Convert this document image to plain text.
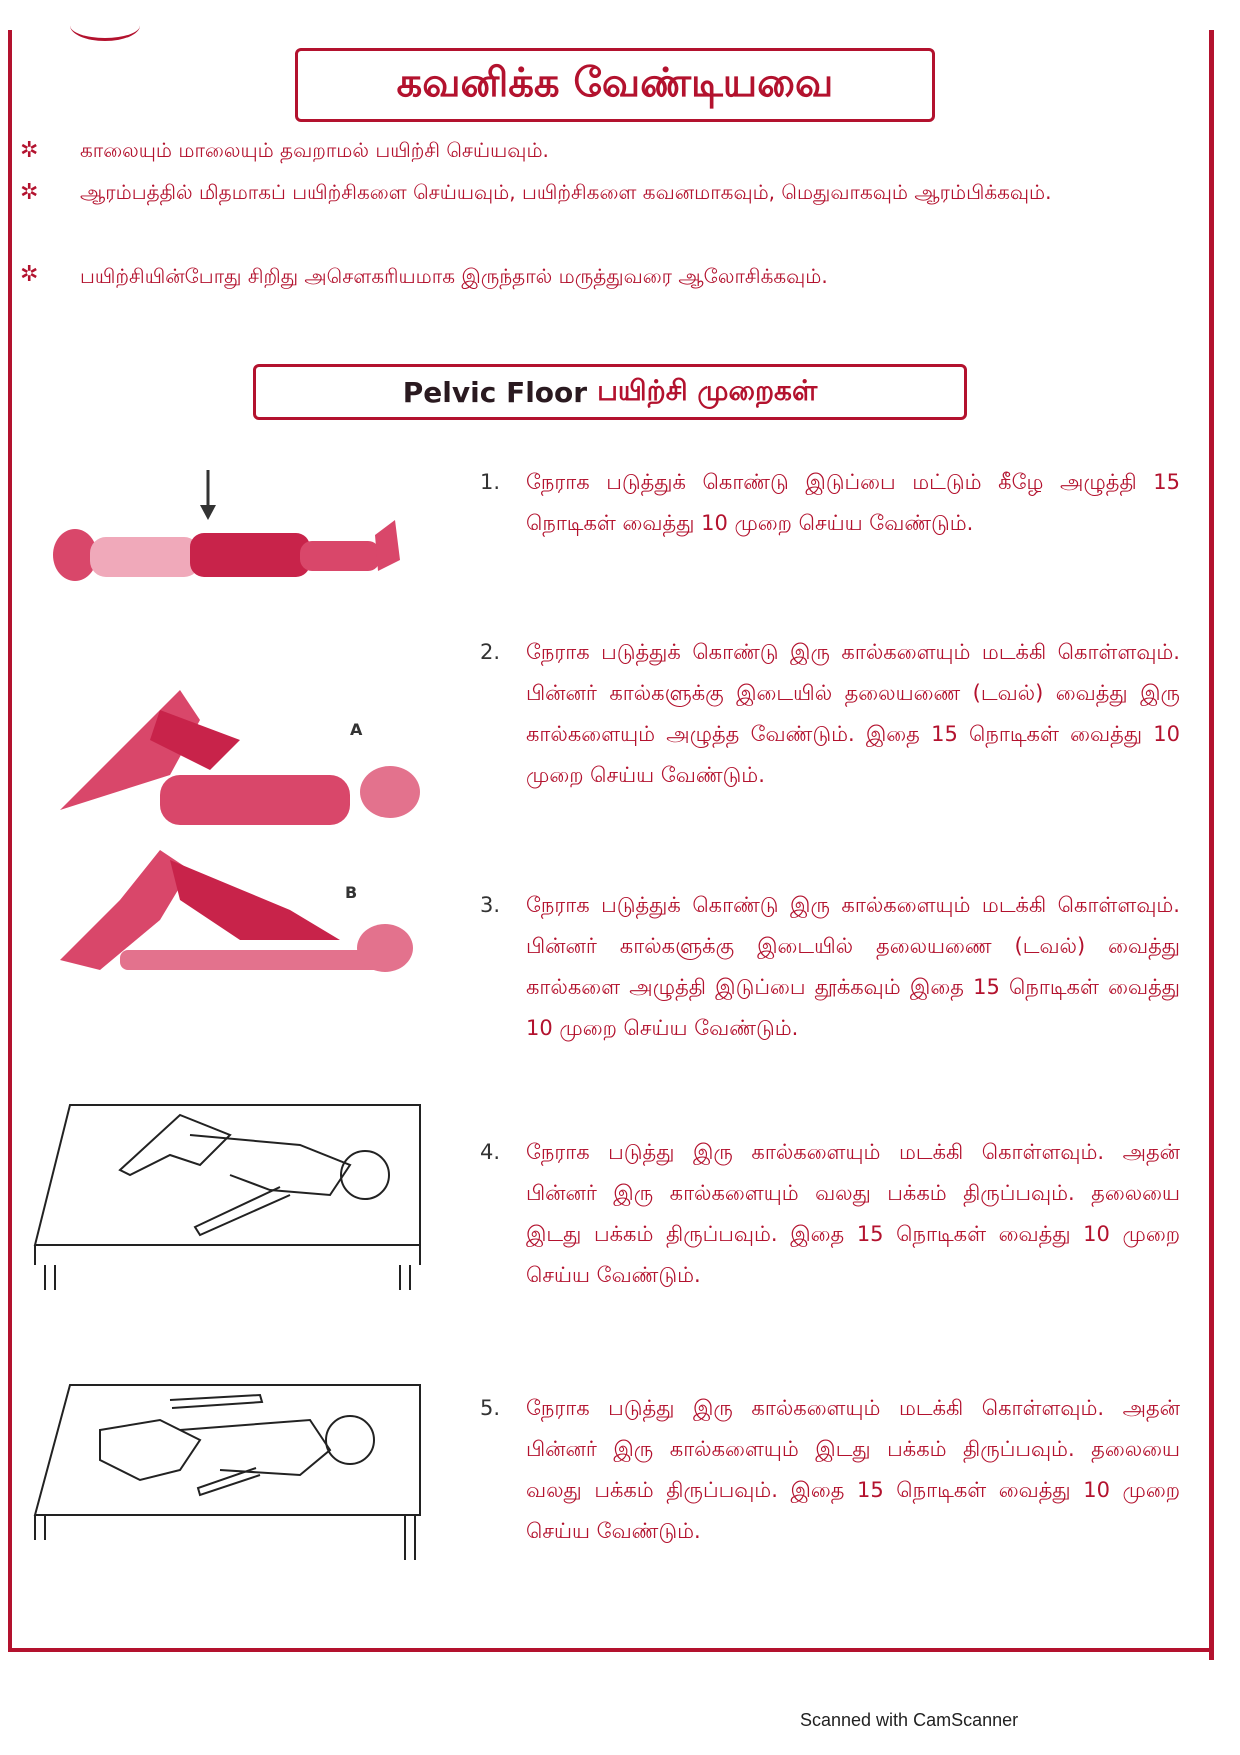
கவனிக்க வேண்டியவை
✲ காலையும் மாலையும் தவறாமல் பயிற்சி செய்யவும்.
✲ ஆரம்பத்தில் மிதமாகப் பயிற்சிகளை செய்யவும், பயிற்சிகளை கவனமாகவும், மெதுவாகவும் ஆரம்பிக்கவும்.
✲ பயிற்சியின்போது சிறிது அசௌகரியமாக இருந்தால் மருத்துவரை ஆலோசிக்கவும்.
Pelvic Floor பயிற்சி முறைகள்
A
B
1. நேராக படுத்துக் கொண்டு இடுப்பை மட்டும் கீழே அழுத்தி 15 நொடிகள் வைத்து 10 முறை செய்ய வேண்டும்.
2. நேராக படுத்துக் கொண்டு இரு கால்களையும் மடக்கி கொள்ளவும். பின்னர் கால்களுக்கு இடையில் தலையணை (டவல்) வைத்து இரு கால்களையும் அழுத்த வேண்டும். இதை 15 நொடிகள் வைத்து 10 முறை செய்ய வேண்டும்.
3. நேராக படுத்துக் கொண்டு இரு கால்களையும் மடக்கி கொள்ளவும். பின்னர் கால்களுக்கு இடையில் தலையணை (டவல்) வைத்து கால்களை அழுத்தி இடுப்பை தூக்கவும் இதை 15 நொடிகள் வைத்து 10 முறை செய்ய வேண்டும்.
4. நேராக படுத்து இரு கால்களையும் மடக்கி கொள்ளவும். அதன் பின்னர் இரு கால்களையும் வலது பக்கம் திருப்பவும். தலையை இடது பக்கம் திருப்பவும். இதை 15 நொடிகள் வைத்து 10 முறை செய்ய வேண்டும்.
5. நேராக படுத்து இரு கால்களையும் மடக்கி கொள்ளவும். அதன் பின்னர் இரு கால்களையும் இடது பக்கம் திருப்பவும். தலையை வலது பக்கம் திருப்பவும். இதை 15 நொடிகள் வைத்து 10 முறை செய்ய வேண்டும்.
Scanned with CamScanner
